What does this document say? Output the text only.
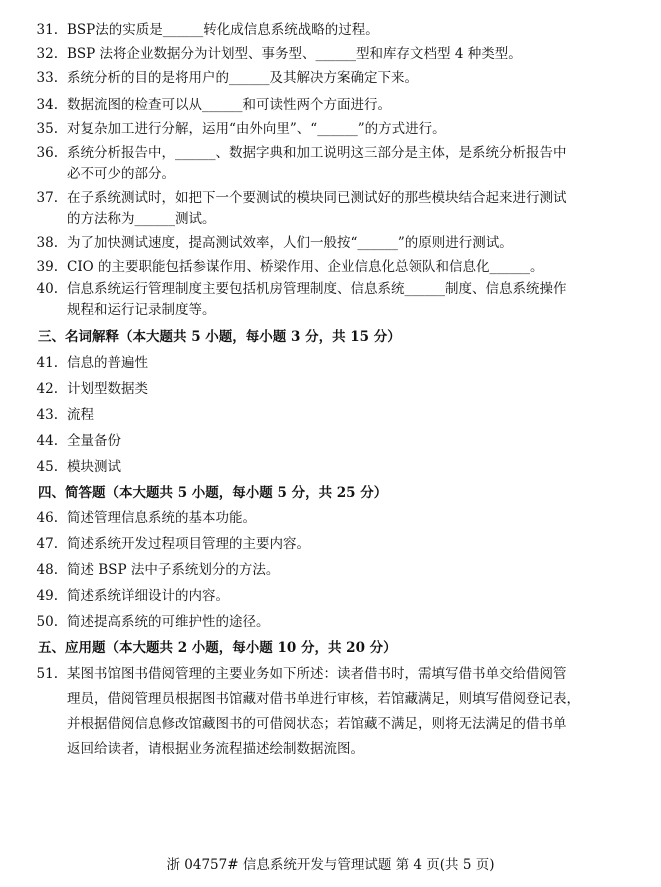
31. BSP法的实质是______转化成信息系统战略的过程。
32. BSP 法将企业数据分为计划型、事务型、______型和库存文档型 4 种类型。
33. 系统分析的目的是将用户的______及其解决方案确定下来。
34. 数据流图的检查可以从______和可读性两个方面进行。
35. 对复杂加工进行分解，运用“由外向里”、“______”的方式进行。
36. 系统分析报告中，______、数据字典和加工说明这三部分是主体，是系统分析报告中
必不可少的部分。
37. 在子系统测试时，如把下一个要测试的模块同已测试好的那些模块结合起来进行测试
的方法称为______测试。
38. 为了加快测试速度，提高测试效率，人们一般按“______”的原则进行测试。
39. CIO 的主要职能包括参谋作用、桥梁作用、企业信息化总领队和信息化______。
40. 信息系统运行管理制度主要包括机房管理制度、信息系统______制度、信息系统操作
规程和运行记录制度等。
三、名词解释（本大题共 5 小题，每小题 3 分，共 15 分）
41. 信息的普遍性
42. 计划型数据类
43. 流程
44. 全量备份
45. 模块测试
四、简答题（本大题共 5 小题，每小题 5 分，共 25 分）
46. 简述管理信息系统的基本功能。
47. 简述系统开发过程项目管理的主要内容。
48. 简述 BSP 法中子系统划分的方法。
49. 简述系统详细设计的内容。
50. 简述提高系统的可维护性的途径。
五、应用题（本大题共 2 小题，每小题 10 分，共 20 分）
51. 某图书馆图书借阅管理的主要业务如下所述：读者借书时，需填写借书单交给借阅管
理员，借阅管理员根据图书馆藏对借书单进行审核，若馆藏满足，则填写借阅登记表，
并根据借阅信息修改馆藏图书的可借阅状态；若馆藏不满足，则将无法满足的借书单
返回给读者，请根据业务流程描述绘制数据流图。
浙 04757# 信息系统开发与管理试题 第 4 页(共 5 页)
